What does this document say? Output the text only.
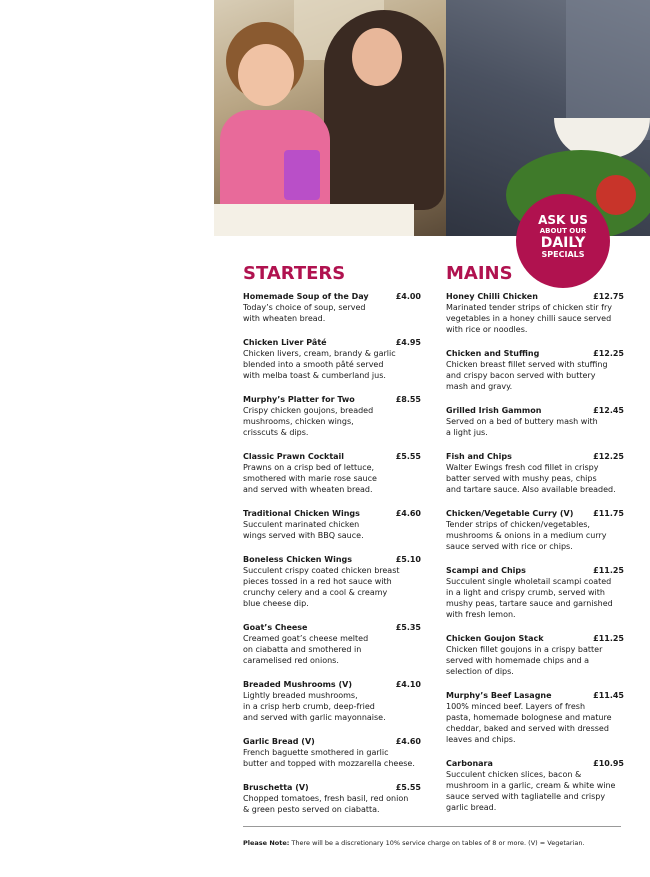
ASK US
ABOUT OUR
DAILY
SPECIALS
STARTERS	MAINS
Homemade Soup of the Day	£4.00
Today’s choice of soup, served
with wheaten bread.
Chicken Liver Pâté	£4.95
Chicken livers, cream, brandy & garlic
blended into a smooth pâté served
with melba toast & cumberland jus.
Murphy’s Platter for Two	£8.55
Crispy chicken goujons, breaded
mushrooms, chicken wings,
crisscuts & dips.
Classic Prawn Cocktail	£5.55
Prawns on a crisp bed of lettuce,
smothered with marie rose sauce
and served with wheaten bread.
Traditional Chicken Wings	£4.60
Succulent marinated chicken
wings served with BBQ sauce.
Boneless Chicken Wings	£5.10
Succulent crispy coated chicken breast
pieces tossed in a red hot sauce with
crunchy celery and a cool & creamy
blue cheese dip.
Goat’s Cheese	£5.35
Creamed goat’s cheese melted
on ciabatta and smothered in
caramelised red onions.
Breaded Mushrooms (V)	£4.10
Lightly breaded mushrooms,
in a crisp herb crumb, deep-fried
and served with garlic mayonnaise.
Garlic Bread (V)	£4.60
French baguette smothered in garlic
butter and topped with mozzarella cheese.
Bruschetta (V)	£5.55
Chopped tomatoes, fresh basil, red onion
& green pesto served on ciabatta.
Honey Chilli Chicken	£12.75
Marinated tender strips of chicken stir fry
vegetables in a honey chilli sauce served
with rice or noodles.
Chicken and Stuffing	£12.25
Chicken breast fillet served with stuffing
and crispy bacon served with buttery
mash and gravy.
Grilled Irish Gammon	£12.45
Served on a bed of buttery mash with
a light jus.
Fish and Chips	£12.25
Walter Ewings fresh cod fillet in crispy
batter served with mushy peas, chips
and tartare sauce. Also available breaded.
Chicken/Vegetable Curry (V) £11.75
Tender strips of chicken/vegetables,
mushrooms & onions in a medium curry
sauce served with rice or chips.
Scampi and Chips	£11.25
Succulent single wholetail scampi coated
in a light and crispy crumb, served with
mushy peas, tartare sauce and garnished
with fresh lemon.
Chicken Goujon Stack	£11.25
Chicken fillet goujons in a crispy batter
served with homemade chips and a
selection of dips.
Murphy’s Beef Lasagne	£11.45
100% minced beef. Layers of fresh
pasta, homemade bolognese and mature
cheddar, baked and served with dressed
leaves and chips.
Carbonara	£10.95
Succulent chicken slices, bacon &
mushroom in a garlic, cream & white wine
sauce served with tagliatelle and crispy
garlic bread.
Please Note: There will be a discretionary 10% service charge on tables of 8 or more. (V) = Vegetarian.
